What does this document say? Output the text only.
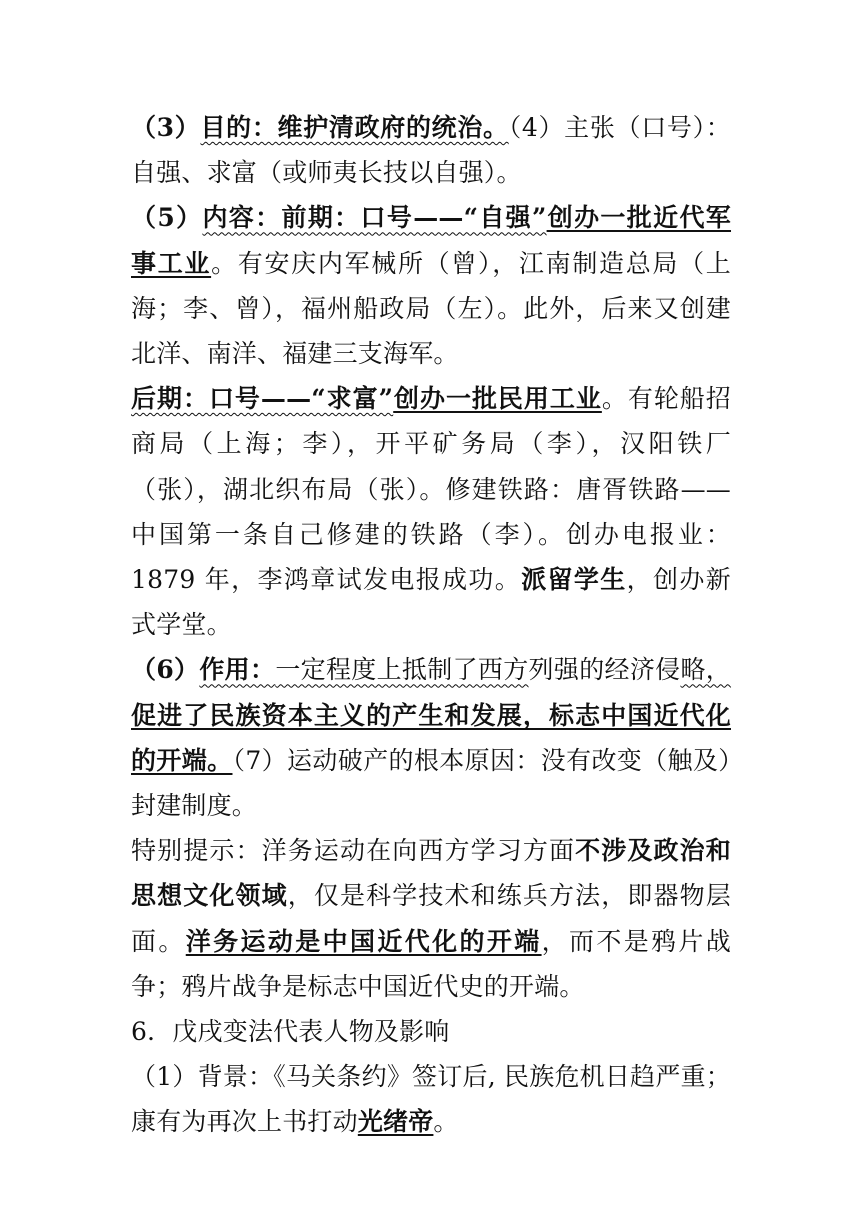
（3）目的：维护清政府的统治。（4）主张（口号）：自强、求富（或师夷长技以自强）。

（5）内容：前期：口号——“自强”创办一批近代军事工业。有安庆内军械所（曾），江南制造总局（上海；李、曾），福州船政局（左）。此外，后来又创建北洋、南洋、福建三支海军。

后期：口号——“求富”创办一批民用工业。有轮船招商局（上海；李），开平矿务局（李），汉阳铁厂（张），湖北织布局（张）。修建铁路：唐胥铁路——中国第一条自己修建的铁路（李）。创办电报业：1879 年，李鸿章试发电报成功。派留学生，创办新式学堂。

（6）作用：一定程度上抵制了西方列强的经济侵略，促进了民族资本主义的产生和发展，标志中国近代化的开端。（7）运动破产的根本原因：没有改变（触及）封建制度。

特别提示：洋务运动在向西方学习方面不涉及政治和思想文化领域，仅是科学技术和练兵方法，即器物层面。洋务运动是中国近代化的开端，而不是鸦片战争；鸦片战争是标志中国近代史的开端。

6．戊戌变法代表人物及影响

（1）背景：《马关条约》签订后, 民族危机日趋严重；康有为再次上书打动光绪帝。
